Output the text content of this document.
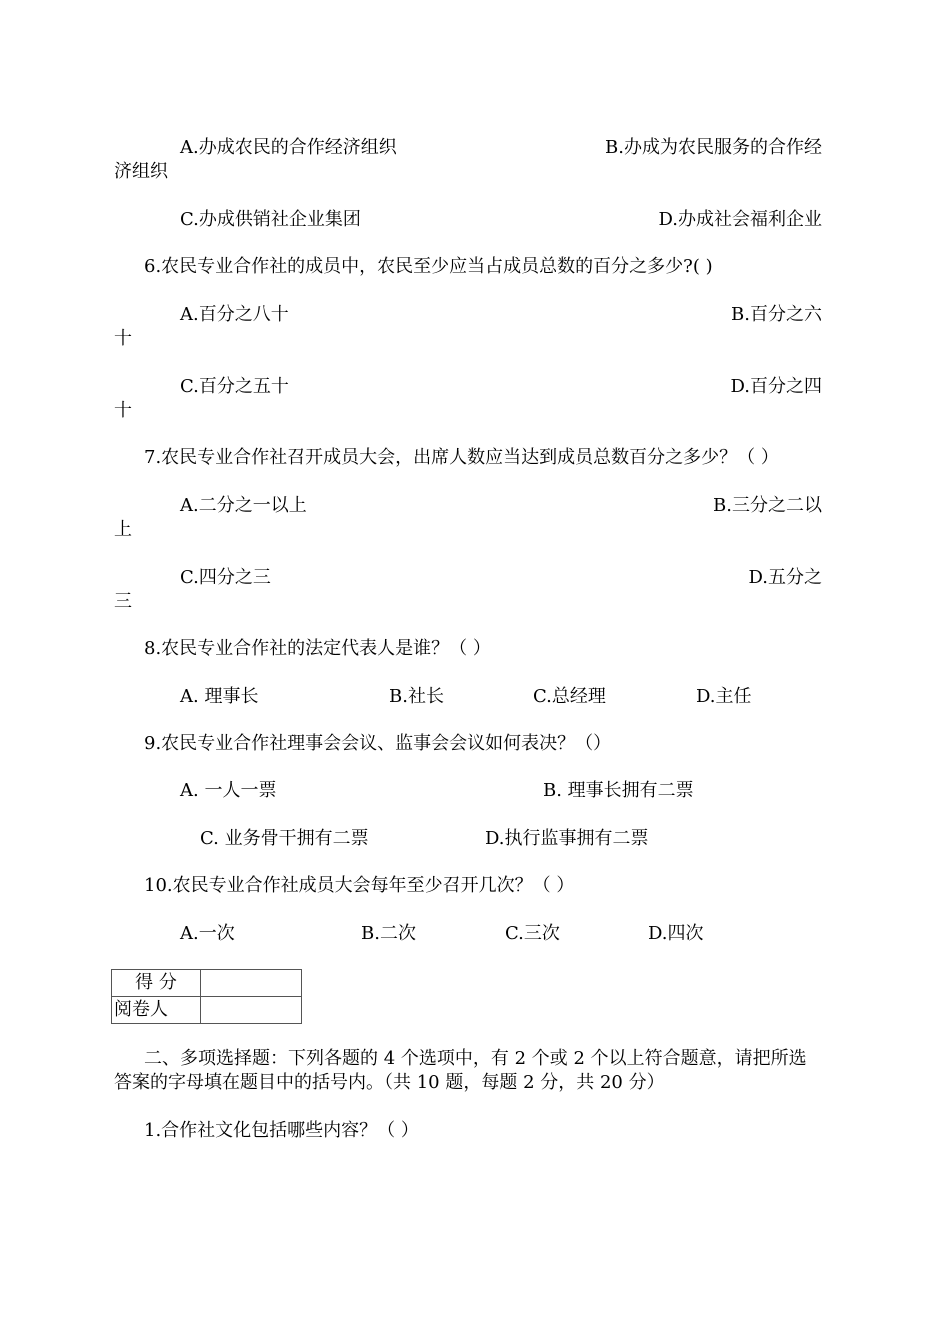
A.办成农民的合作经济组织	B.办成为农民服务的合作经
济组织
C.办成供销社企业集团	D.办成社会福利企业
6.农民专业合作社的成员中，农民至少应当占成员总数的百分之多少?( )
A.百分之八十	B.百分之六
十
C.百分之五十	D.百分之四
十
7.农民专业合作社召开成员大会，出席人数应当达到成员总数百分之多少？（ ）
A.二分之一以上	B.三分之二以
上
C.四分之三	D.五分之
三
8.农民专业合作社的法定代表人是谁？（ ）
A. 理事长	B.社长	C.总经理	D.主任
9.农民专业合作社理事会会议、监事会会议如何表决？（）
A. 一人一票	B. 理事长拥有二票
C. 业务骨干拥有二票	D.执行监事拥有二票
10.农民专业合作社成员大会每年至少召开几次？（ ）
A.一次	B.二次	C.三次	D.四次
得 分	
阅卷人	
二、多项选择题：下列各题的 4 个选项中，有 2 个或 2 个以上符合题意，请把所选
答案的字母填在题目中的括号内。（共 10 题，每题 2 分，共 20 分）
1.合作社文化包括哪些内容？（ ）
